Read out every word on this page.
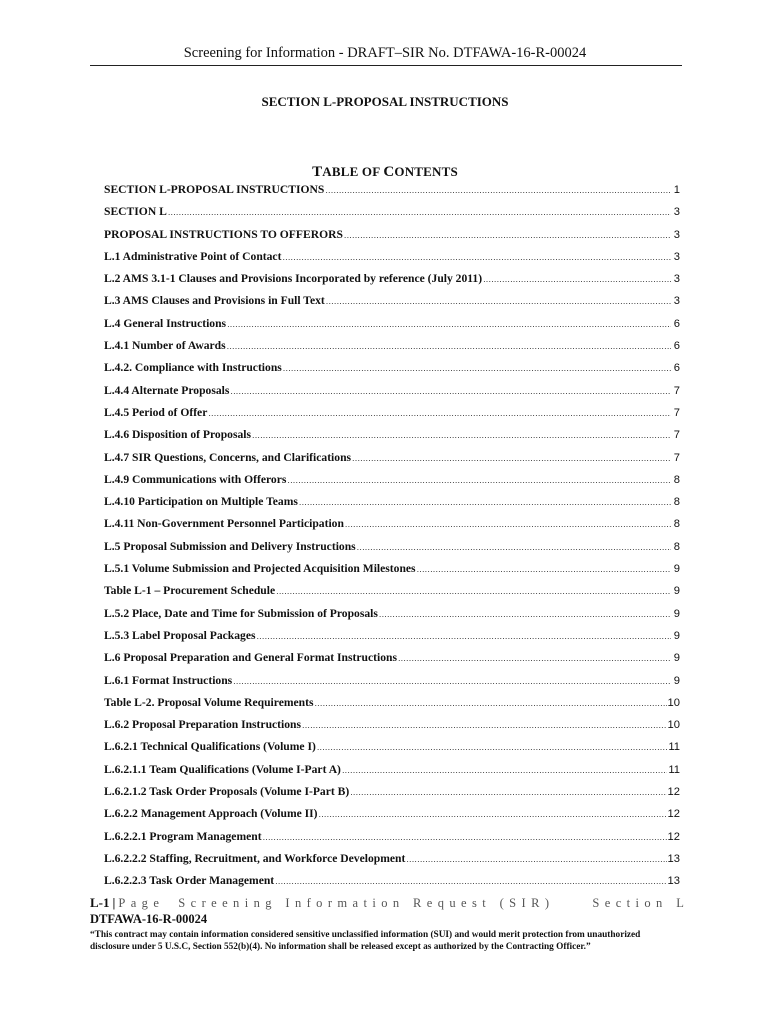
Screening for Information - DRAFT–SIR No. DTFAWA-16-R-00024
SECTION L-PROPOSAL INSTRUCTIONS
TABLE OF CONTENTS
SECTION L-PROPOSAL INSTRUCTIONS .....	1
SECTION L .....	3
PROPOSAL INSTRUCTIONS TO OFFERORS .....	3
L.1 Administrative Point of Contact .....	3
L.2 AMS 3.1-1 Clauses and Provisions Incorporated by reference (July 2011) .....	3
L.3 AMS Clauses and Provisions in Full Text .....	3
L.4 General Instructions .....	6
L.4.1 Number of Awards .....	6
L.4.2. Compliance with Instructions .....	6
L.4.4 Alternate Proposals .....	7
L.4.5 Period of Offer .....	7
L.4.6 Disposition of Proposals .....	7
L.4.7 SIR Questions, Concerns, and Clarifications .....	7
L.4.9 Communications with Offerors .....	8
L.4.10 Participation on Multiple Teams .....	8
L.4.11 Non-Government Personnel Participation .....	8
L.5 Proposal Submission and Delivery Instructions .....	8
L.5.1 Volume Submission and Projected Acquisition Milestones .....	9
Table L-1 – Procurement Schedule .....	9
L.5.2 Place, Date and Time for Submission of Proposals .....	9
L.5.3 Label Proposal Packages .....	9
L.6 Proposal Preparation and General Format Instructions .....	9
L.6.1 Format Instructions .....	9
Table L-2. Proposal Volume Requirements .....	10
L.6.2 Proposal Preparation Instructions .....	10
L.6.2.1 Technical Qualifications (Volume I) .....	11
L.6.2.1.1 Team Qualifications (Volume I-Part A) .....	11
L.6.2.1.2 Task Order Proposals (Volume I-Part B) .....	12
L.6.2.2 Management Approach (Volume II) .....	12
L.6.2.2.1 Program Management .....	12
L.6.2.2.2 Staffing, Recruitment, and Workforce Development .....	13
L.6.2.2.3 Task Order Management .....	13
L-1 | Page Screening Information Request (SIR)	Section L
DTFAWA-16-R-00024
“This contract may contain information considered sensitive unclassified information (SUI) and would merit protection from unauthorized disclosure under 5 U.S.C, Section 552(b)(4). No information shall be released except as authorized by the Contracting Officer.”
